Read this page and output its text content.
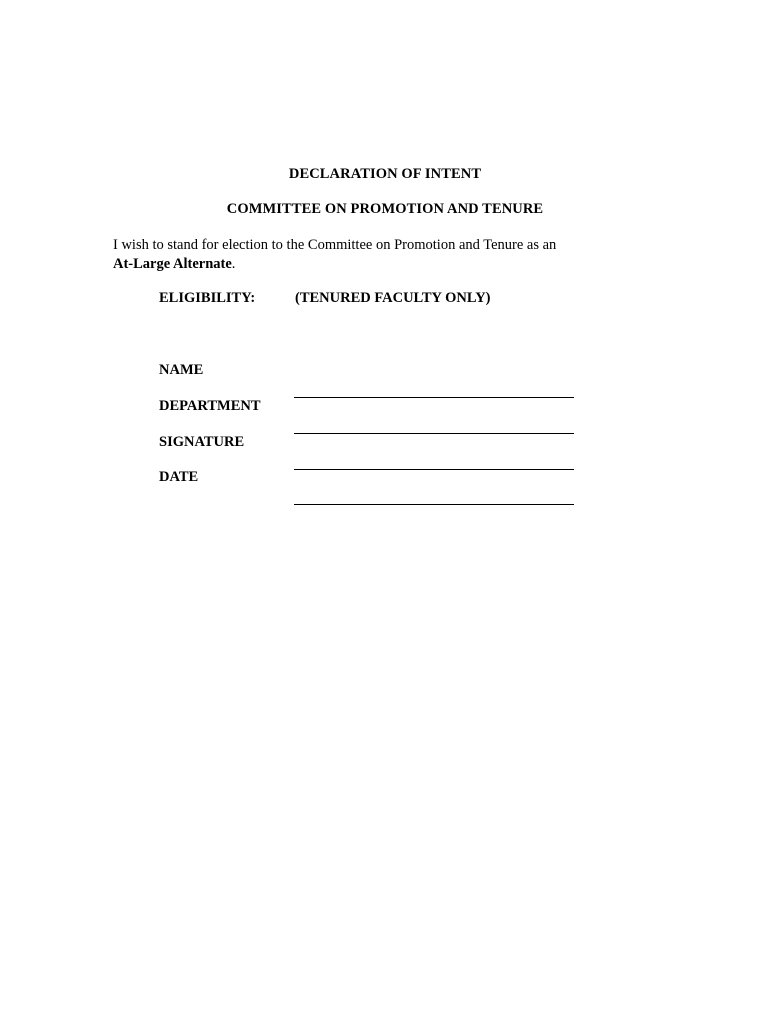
DECLARATION OF INTENT
COMMITTEE ON PROMOTION AND TENURE
I wish to stand for election to the Committee on Promotion and Tenure as an
At-Large Alternate.
ELIGIBILITY:	(TENURED FACULTY ONLY)
NAME
DEPARTMENT
SIGNATURE
DATE
